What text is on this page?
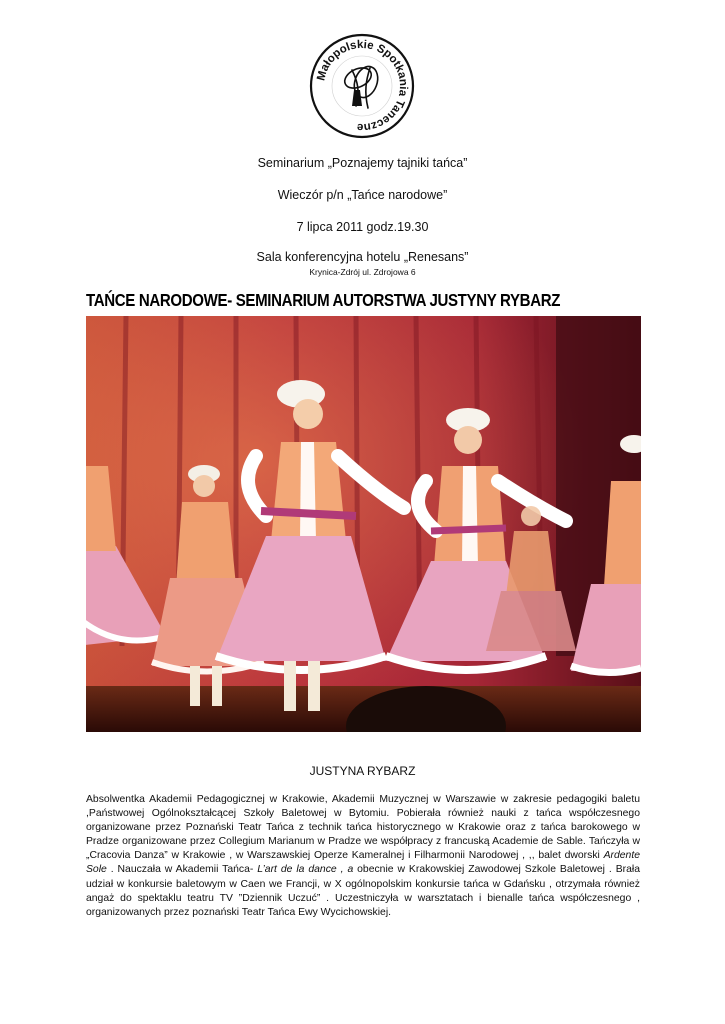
Małopolskie Spotkania Taneczne
Seminarium „Poznajemy tajniki tańca”
Wieczór p/n „Tańce narodowe”
7 lipca 2011 godz.19.30
Sala konferencyjna hotelu „Renesans”
Krynica-Zdrój ul. Zdrojowa 6
TAŃCE NARODOWE- SEMINARIUM AUTORSTWA JUSTYNY RYBARZ
JUSTYNA RYBARZ

Absolwentka Akademii Pedagogicznej w Krakowie, Akademii Muzycznej w Warszawie w zakresie pedagogiki baletu ,Państwowej Ogólnokształcącej Szkoły Baletowej w Bytomiu. Pobierała również nauki z tańca współczesnego organizowane przez Poznański Teatr Tańca z technik tańca historycznego w Krakowie oraz z tańca barokowego w Pradze organizowane przez Collegium Marianum w Pradze we współpracy z francuską Academie de Sable. Tańczyła w „Cracovia Danza” w Krakowie , w Warszawskiej Operze Kameralnej i Filharmonii Narodowej , ,, balet dworski Ardente Sole . Nauczała w Akademii Tańca- L’art de la dance , a obecnie w Krakowskiej Zawodowej Szkole Baletowej . Brała udział w konkursie baletowym w Caen we Francji, w X ogólnopolskim konkursie tańca w Gdańsku , otrzymała również angaż do spektaklu teatru TV ”Dziennik Uczuć” . Uczestniczyła w warsztatach i bienalle tańca współczesnego , organizowanych przez poznański Teatr Tańca Ewy Wycichowskiej.
